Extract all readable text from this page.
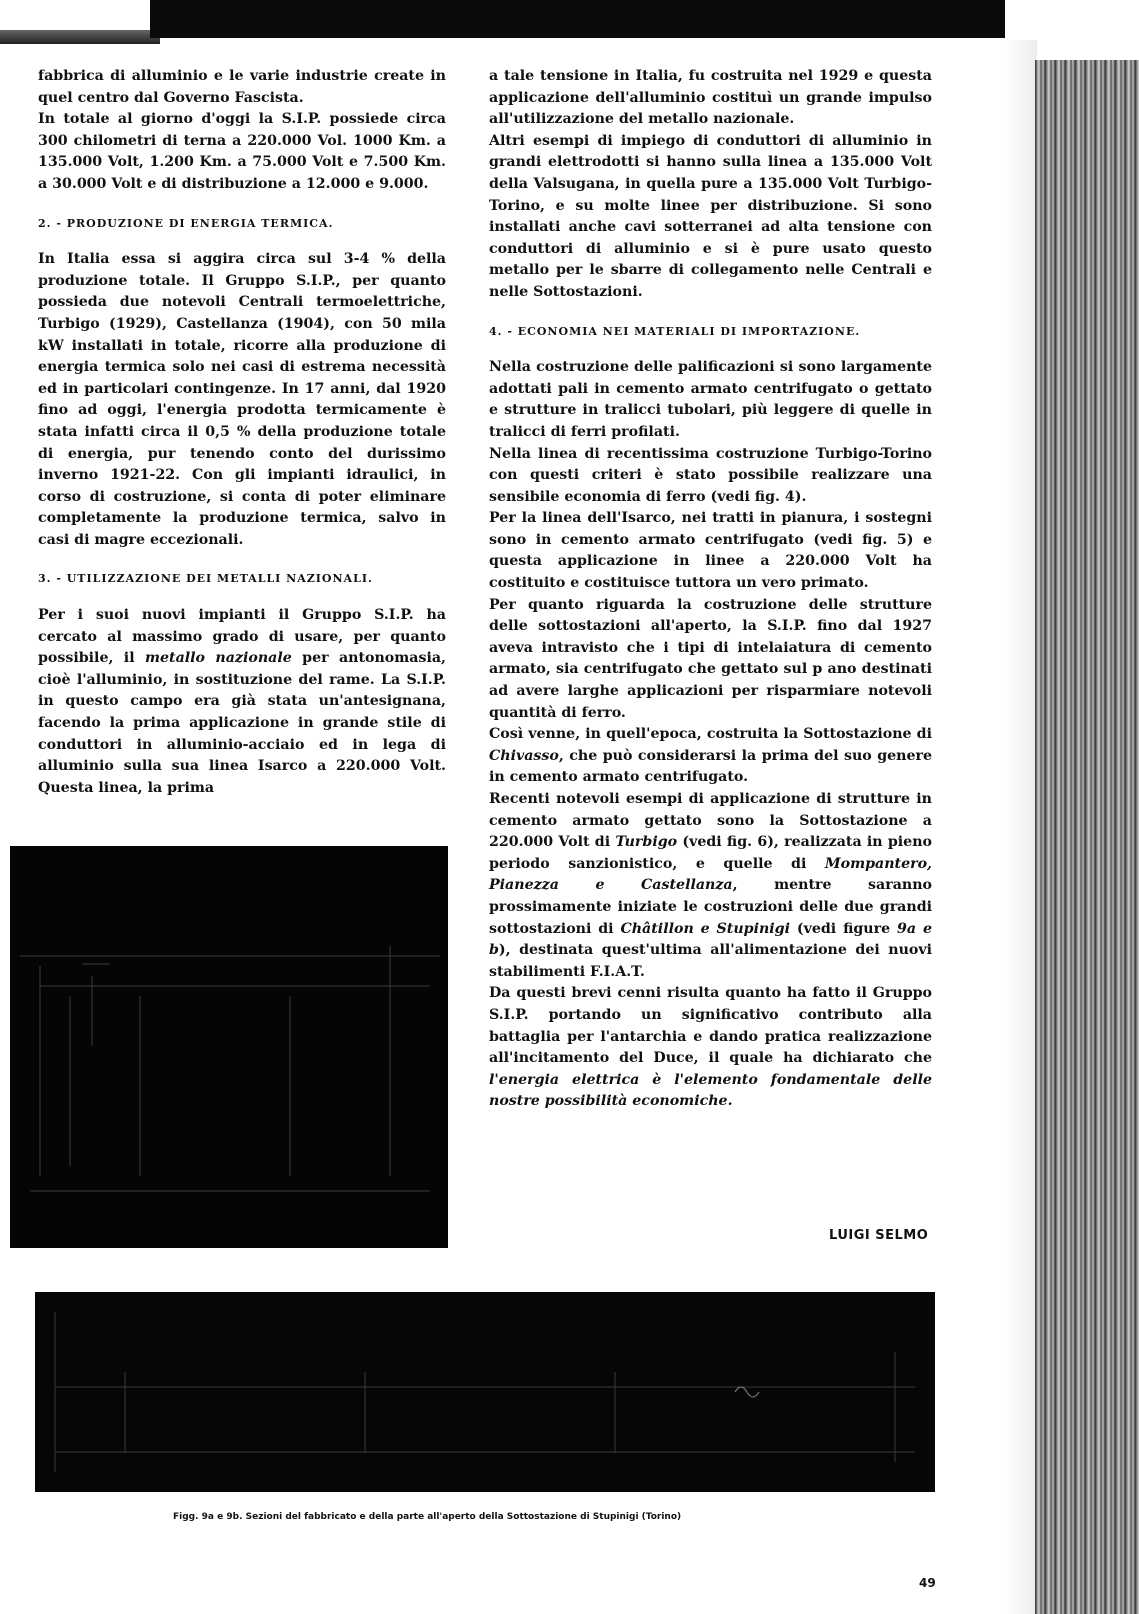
fabbrica di alluminio e le varie industrie create in quel centro dal Governo Fascista.

In totale al giorno d'oggi la S.I.P. possiede circa 300 chilometri di terna a 220.000 Vol. 1000 Km. a 135.000 Volt, 1.200 Km. a 75.000 Volt e 7.500 Km. a 30.000 Volt e di distribuzione a 12.000 e 9.000.

2. - PRODUZIONE DI ENERGIA TERMICA.

In Italia essa si aggira circa sul 3-4 % della produzione totale. Il Gruppo S.I.P., per quanto possieda due notevoli Centrali termoelettriche, Turbigo (1929), Castellanza (1904), con 50 mila kW installati in totale, ricorre alla produzione di energia termica solo nei casi di estrema necessità ed in particolari contingenze. In 17 anni, dal 1920 fino ad oggi, l'energia prodotta termicamente è stata infatti circa il 0,5 % della produzione totale di energia, pur tenendo conto del durissimo inverno 1921-22. Con gli impianti idraulici, in corso di costruzione, si conta di poter eliminare completamente la produzione termica, salvo in casi di magre eccezionali.

3. - UTILIZZAZIONE DEI METALLI NAZIONALI.

Per i suoi nuovi impianti il Gruppo S.I.P. ha cercato al massimo grado di usare, per quanto possibile, il metallo nazionale per antonomasia, cioè l'alluminio, in sostituzione del rame. La S.I.P. in questo campo era già stata un'antesignana, facendo la prima applicazione in grande stile di conduttori in alluminio-acciaio ed in lega di alluminio sulla sua linea Isarco a 220.000 Volt. Questa linea, la prima

a tale tensione in Italia, fu costruita nel 1929 e questa applicazione dell'alluminio costituì un grande impulso all'utilizzazione del metallo nazionale.

Altri esempi di impiego di conduttori di alluminio in grandi elettrodotti si hanno sulla linea a 135.000 Volt della Valsugana, in quella pure a 135.000 Volt Turbigo-Torino, e su molte linee per distribuzione. Si sono installati anche cavi sotterranei ad alta tensione con conduttori di alluminio e si è pure usato questo metallo per le sbarre di collegamento nelle Centrali e nelle Sottostazioni.

4. - ECONOMIA NEI MATERIALI DI IMPORTAZIONE.

Nella costruzione delle palificazioni si sono largamente adottati pali in cemento armato centrifugato o gettato e strutture in tralicci tubolari, più leggere di quelle in tralicci di ferri profilati.

Nella linea di recentissima costruzione Turbigo-Torino con questi criteri è stato possibile realizzare una sensibile economia di ferro (vedi fig. 4).

Per la linea dell'Isarco, nei tratti in pianura, i sostegni sono in cemento armato centrifugato (vedi fig. 5) e questa applicazione in linee a 220.000 Volt ha costituito e costituisce tuttora un vero primato.

Per quanto riguarda la costruzione delle strutture delle sottostazioni all'aperto, la S.I.P. fino dal 1927 aveva intravisto che i tipi di intelaiatura di cemento armato, sia centrifugato che gettato sul p ano destinati ad avere larghe applicazioni per risparmiare notevoli quantità di ferro.

Così venne, in quell'epoca, costruita la Sottostazione di Chivasso, che può considerarsi la prima del suo genere in cemento armato centrifugato.

Recenti notevoli esempi di applicazione di strutture in cemento armato gettato sono la Sottostazione a 220.000 Volt di Turbigo (vedi fig. 6), realizzata in pieno periodo sanzionistico, e quelle di Mompantero, Pianezza e Castellanza, mentre saranno prossimamente iniziate le costruzioni delle due grandi sottostazioni di Châtillon e Stupinigi (vedi figure 9a e b), destinata quest'ultima all'alimentazione dei nuovi stabilimenti F.I.A.T.

Da questi brevi cenni risulta quanto ha fatto il Gruppo S.I.P. portando un significativo contributo alla battaglia per l'antarchia e dando pratica realizzazione all'incitamento del Duce, il quale ha dichiarato che l'energia elettrica è l'elemento fondamentale delle nostre possibilità economiche.

LUIGI SELMO
Figg. 9a e 9b. Sezioni del fabbricato e della parte all'aperto della Sottostazione di Stupinigi (Torino)
49
